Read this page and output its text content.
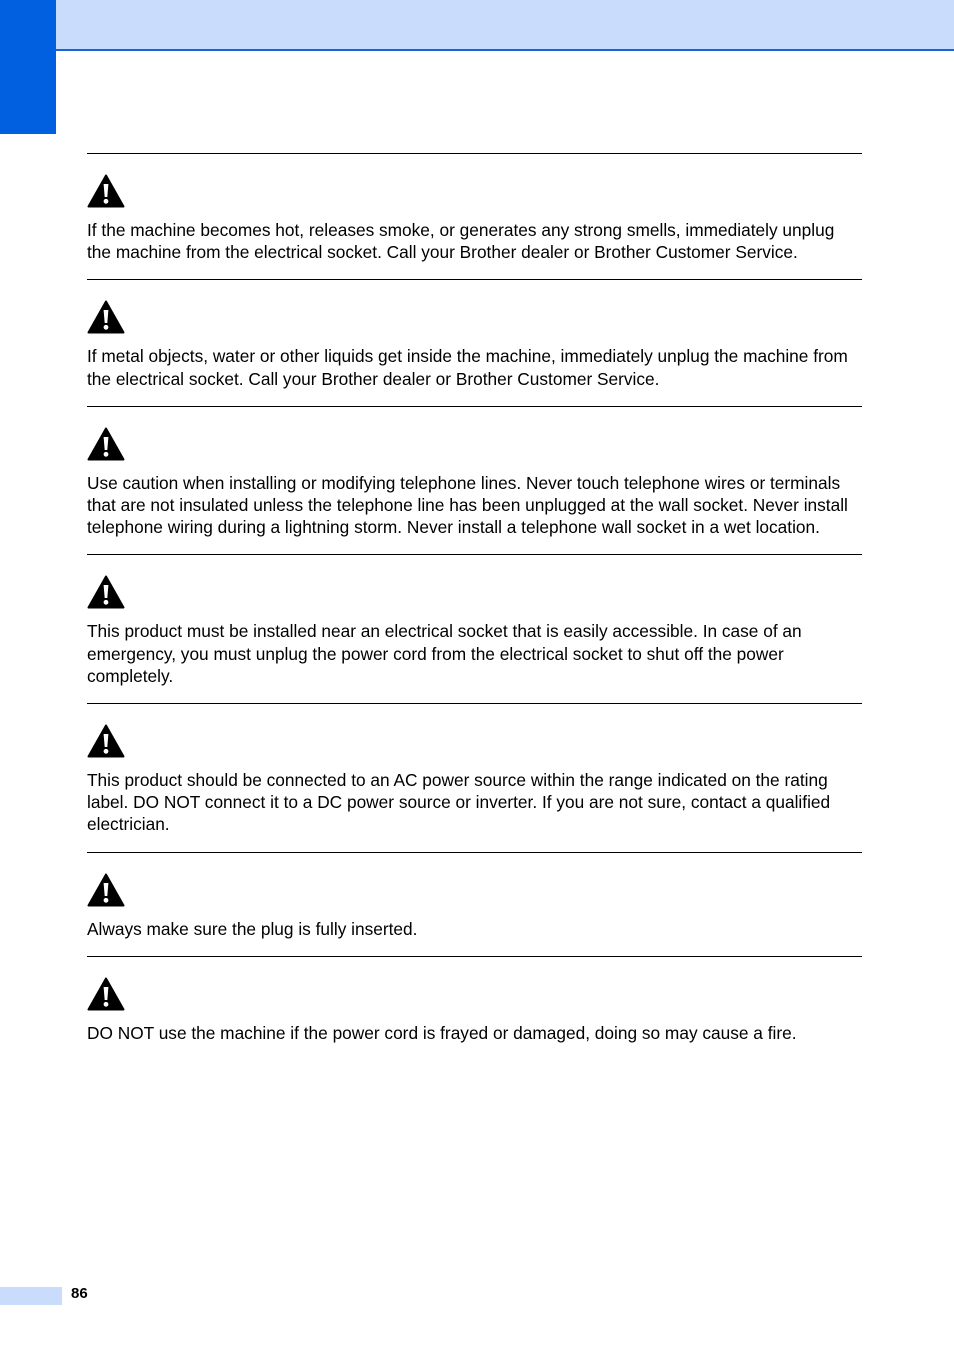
If the machine becomes hot, releases smoke, or generates any strong smells, immediately unplug the machine from the electrical socket. Call your Brother dealer or Brother Customer Service.

If metal objects, water or other liquids get inside the machine, immediately unplug the machine from the electrical socket. Call your Brother dealer or Brother Customer Service.

Use caution when installing or modifying telephone lines. Never touch telephone wires or terminals that are not insulated unless the telephone line has been unplugged at the wall socket. Never install telephone wiring during a lightning storm. Never install a telephone wall socket in a wet location.

This product must be installed near an electrical socket that is easily accessible. In case of an emergency, you must unplug the power cord from the electrical socket to shut off the power completely.

This product should be connected to an AC power source within the range indicated on the rating label. DO NOT connect it to a DC power source or inverter. If you are not sure, contact a qualified electrician.

Always make sure the plug is fully inserted.

DO NOT use the machine if the power cord is frayed or damaged, doing so may cause a fire.

86
